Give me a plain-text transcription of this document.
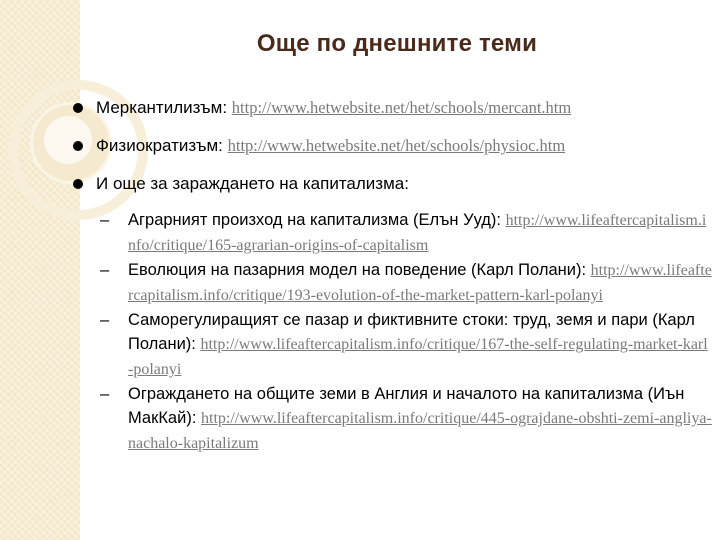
Още по днешните теми
Меркантилизъм: http://www.hetwebsite.net/het/schools/mercant.htm
Физиократизъм: http://www.hetwebsite.net/het/schools/physioc.htm
И още за зараждането на капитализма:
– Аграрният произход на капитализма (Елън Ууд): http://www.lifeaftercapitalism.info/critique/165-agrarian-origins-of-capitalism
– Еволюция на пазарния модел на поведение (Карл Полани): http://www.lifeaftercapitalism.info/critique/193-evolution-of-the-market-pattern-karl-polanyi
– Саморегулиращият се пазар и фиктивните стоки: труд, земя и пари (Карл Полани): http://www.lifeaftercapitalism.info/critique/167-the-self-regulating-market-karl-polanyi
– Ограждането на общите земи в Англия и началото на капитализма (Иън МакКай): http://www.lifeaftercapitalism.info/critique/445-ograjdane-obshti-zemi-angliya-nachalo-kapitalizum
